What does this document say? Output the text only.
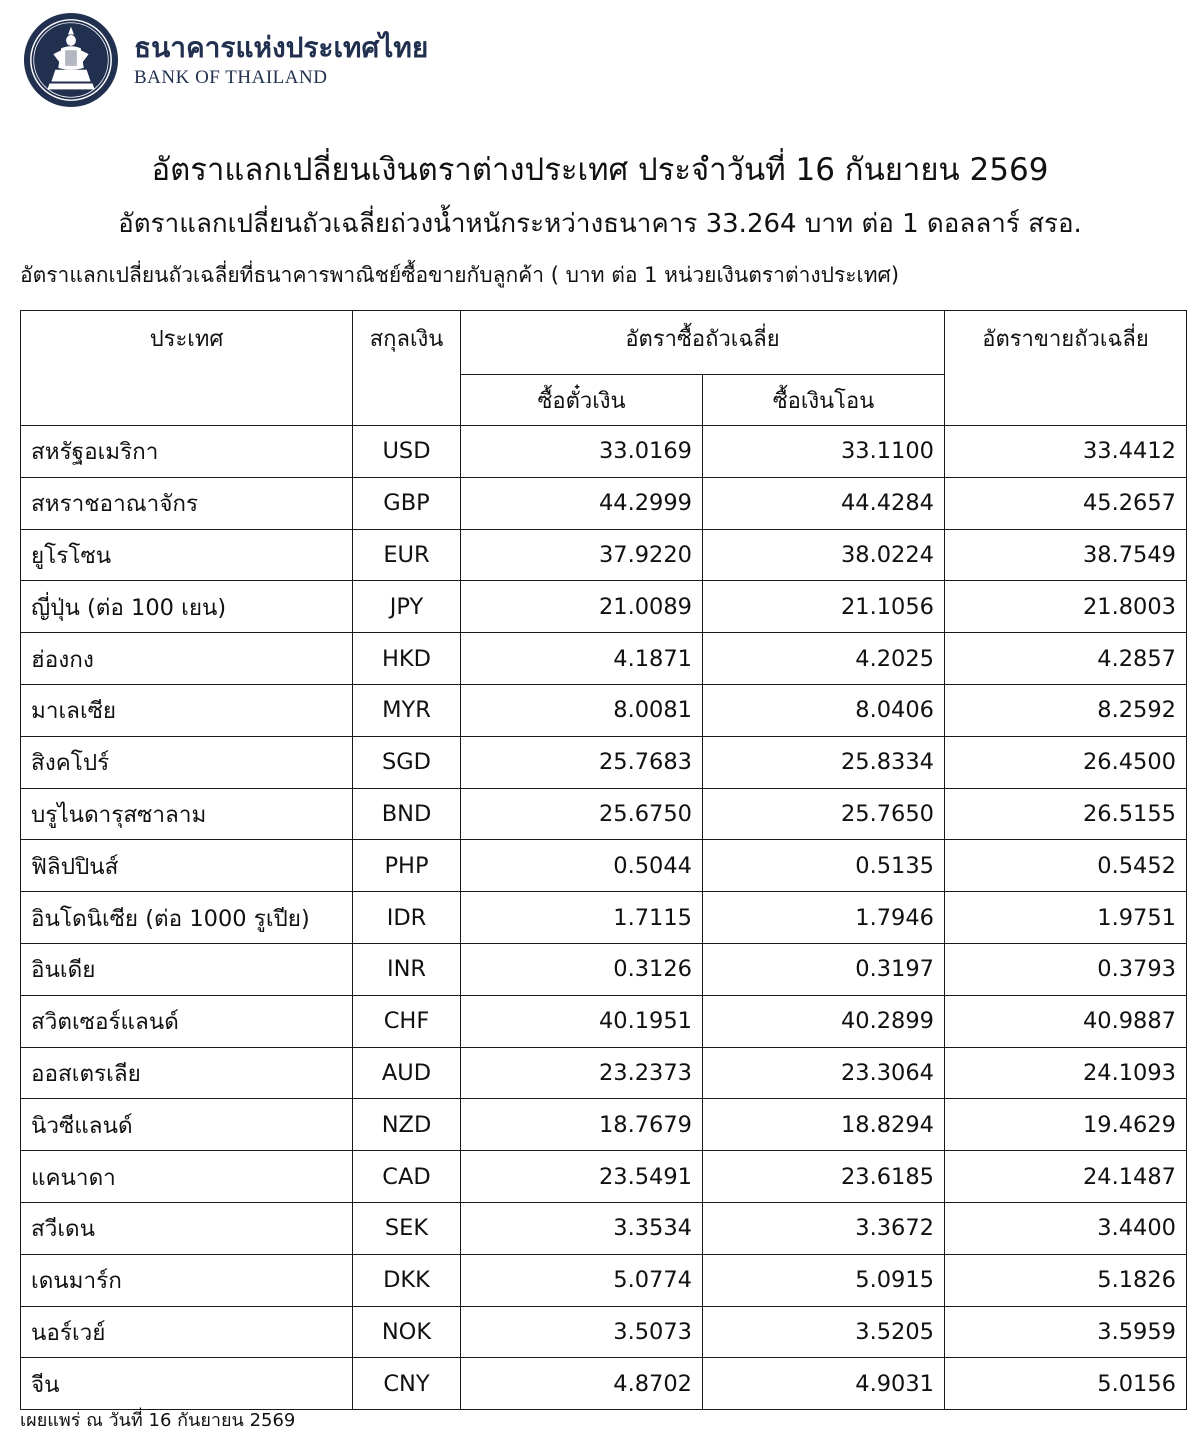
ธนาคารแห่งประเทศไทย
BANK OF THAILAND
อัตราแลกเปลี่ยนเงินตราต่างประเทศ ประจำวันที่ 16 กันยายน 2569
อัตราแลกเปลี่ยนถัวเฉลี่ยถ่วงน้ำหนักระหว่างธนาคาร 33.264 บาท ต่อ 1 ดอลลาร์ สรอ.
อัตราแลกเปลี่ยนถัวเฉลี่ยที่ธนาคารพาณิชย์ซื้อขายกับลูกค้า ( บาท ต่อ 1 หน่วยเงินตราต่างประเทศ)
ประเทศ	สกุลเงิน	อัตราซื้อถัวเฉลี่ย		อัตราขายถัวเฉลี่ย
		ซื้อตั๋วเงิน	ซื้อเงินโอน	
สหรัฐอเมริกา	USD	33.0169	33.1100	33.4412
สหราชอาณาจักร	GBP	44.2999	44.4284	45.2657
ยูโรโซน	EUR	37.9220	38.0224	38.7549
ญี่ปุ่น (ต่อ 100 เยน)	JPY	21.0089	21.1056	21.8003
ฮ่องกง	HKD	4.1871	4.2025	4.2857
มาเลเซีย	MYR	8.0081	8.0406	8.2592
สิงคโปร์	SGD	25.7683	25.8334	26.4500
บรูไนดารุสซาลาม	BND	25.6750	25.7650	26.5155
ฟิลิปปินส์	PHP	0.5044	0.5135	0.5452
อินโดนิเซีย (ต่อ 1000 รูเปีย)	IDR	1.7115	1.7946	1.9751
อินเดีย	INR	0.3126	0.3197	0.3793
สวิตเซอร์แลนด์	CHF	40.1951	40.2899	40.9887
ออสเตรเลีย	AUD	23.2373	23.3064	24.1093
นิวซีแลนด์	NZD	18.7679	18.8294	19.4629
แคนาดา	CAD	23.5491	23.6185	24.1487
สวีเดน	SEK	3.3534	3.3672	3.4400
เดนมาร์ก	DKK	5.0774	5.0915	5.1826
นอร์เวย์	NOK	3.5073	3.5205	3.5959
จีน	CNY	4.8702	4.9031	5.0156
เผยแพร่ ณ วันที่ 16 กันยายน 2569
